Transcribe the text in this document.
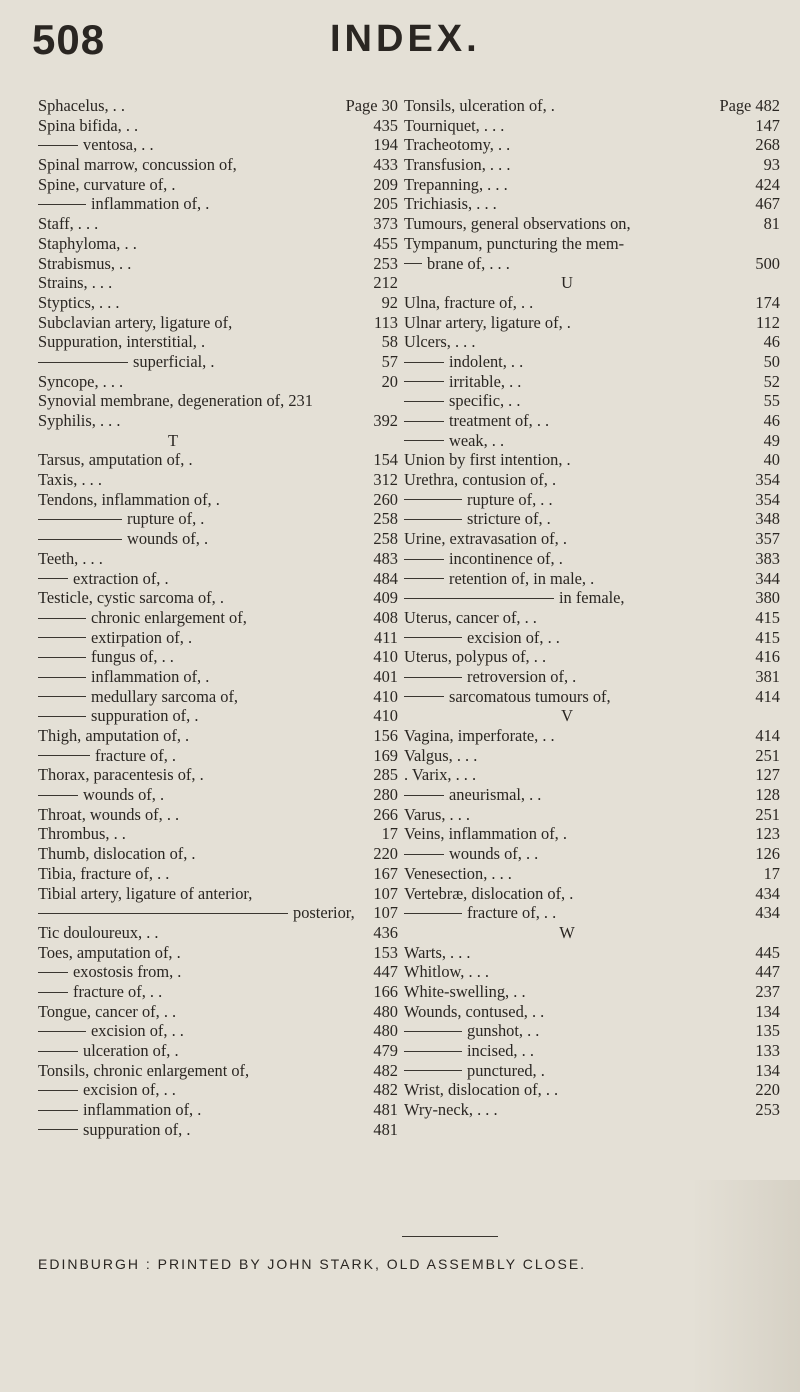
508	INDEX.
Sphacelus, . .	Page 30
Spina bifida, . .	435
ventosa, . .	194
Spinal marrow, concussion of,	433
Spine, curvature of, .	209
inflammation of, .	205
Staff, . . .	373
Staphyloma, . .	455
Strabismus, . .	253
Strains, . . .	212
Styptics, . . .	92
Subclavian artery, ligature of,	113
Suppuration, interstitial, .	58
superficial, .	57
Syncope, . . .	20
Synovial membrane, degeneration of, 231
Syphilis, . . .	392
T
Tarsus, amputation of, .	154
Taxis, . . .	312
Tendons, inflammation of, .	260
rupture of, .	258
wounds of, .	258
Teeth, . . .	483
extraction of, .	484
Testicle, cystic sarcoma of, .	409
chronic enlargement of,	408
extirpation of, .	411
fungus of, . .	410
inflammation of, .	401
medullary sarcoma of,	410
suppuration of, .	410
Thigh, amputation of, .	156
fracture of, .	169
Thorax, paracentesis of, .	285
wounds of, .	280
Throat, wounds of, . .	266
Thrombus, . .	17
Thumb, dislocation of, .	220
Tibia, fracture of, . .	167
Tibial artery, ligature of anterior,	107
posterior, 107
Tic douloureux, . .	436
Toes, amputation of, .	153
exostosis from, .	447
fracture of, . .	166
Tongue, cancer of, . .	480
excision of, . .	480
ulceration of, .	479
Tonsils, chronic enlargement of,	482
excision of, . .	482
inflammation of, .	481
suppuration of, .	481
Tonsils, ulceration of, .	Page 482
Tourniquet, . . .	147
Tracheotomy, . .	268
Transfusion, . . .	93
Trepanning, . . .	424
Trichiasis, . . .	467
Tumours, general observations on,	81
Tympanum, puncturing the mem-
brane of, . . .	500
U
Ulna, fracture of, . .	174
Ulnar artery, ligature of, .	112
Ulcers, . . .	46
indolent, . .	50
irritable, . .	52
specific, . .	55
treatment of, . .	46
weak, . .	49
Union by first intention, .	40
Urethra, contusion of, .	354
rupture of, . .	354
stricture of, .	348
Urine, extravasation of, .	357
incontinence of, .	383
retention of, in male, .	344
in female,	380
Uterus, cancer of, . .	415
excision of, . .	415
Uterus, polypus of, . .	416
retroversion of, .	381
sarcomatous tumours of,	414
V
Vagina, imperforate, . .	414
Valgus, . . .	251
. Varix, . . .	127
aneurismal, . .	128
Varus, . . .	251
Veins, inflammation of, .	123
wounds of, . .	126
Venesection, . . .	17
Vertebræ, dislocation of, .	434
fracture of, . .	434
W
Warts, . . .	445
Whitlow, . . .	447
White-swelling, . .	237
Wounds, contused, . .	134
gunshot, . .	135
incised, . .	133
punctured, .	134
Wrist, dislocation of, . .	220
Wry-neck, . . .	253
EDINBURGH : PRINTED BY JOHN STARK, OLD ASSEMBLY CLOSE.
